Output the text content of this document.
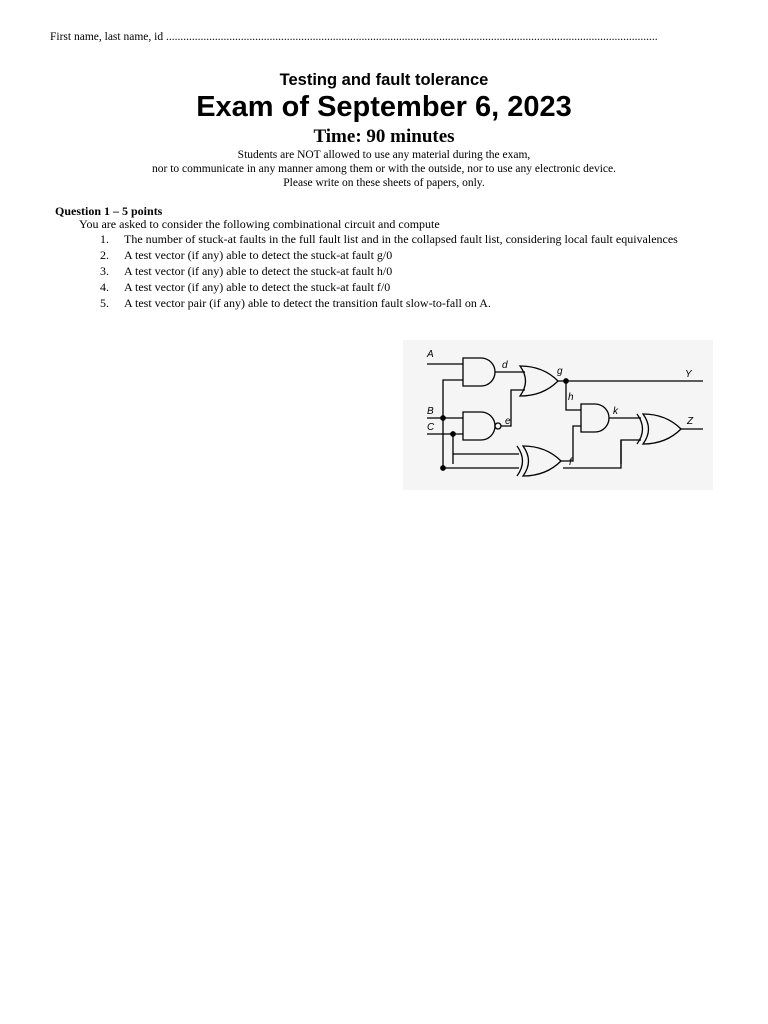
First name, last name, id ...........................................................................................................................................................................
Testing and fault tolerance
Exam of September 6, 2023
Time: 90 minutes
Students are NOT allowed to use any material during the exam,
nor to communicate in any manner among them or with the outside, nor to use any electronic device.
Please write on these sheets of papers, only.
Question 1 – 5 points
You are asked to consider the following combinational circuit and compute
1. The number of stuck-at faults in the full fault list and in the collapsed fault list, considering local fault equivalences
2. A test vector (if any) able to detect the stuck-at fault g/0
3. A test vector (if any) able to detect the stuck-at fault h/0
4. A test vector (if any) able to detect the stuck-at fault f/0
5. A test vector pair (if any) able to detect the transition fault slow-to-fall on A.
A
B
C
d
e
g
h
k
f
Y
Z
